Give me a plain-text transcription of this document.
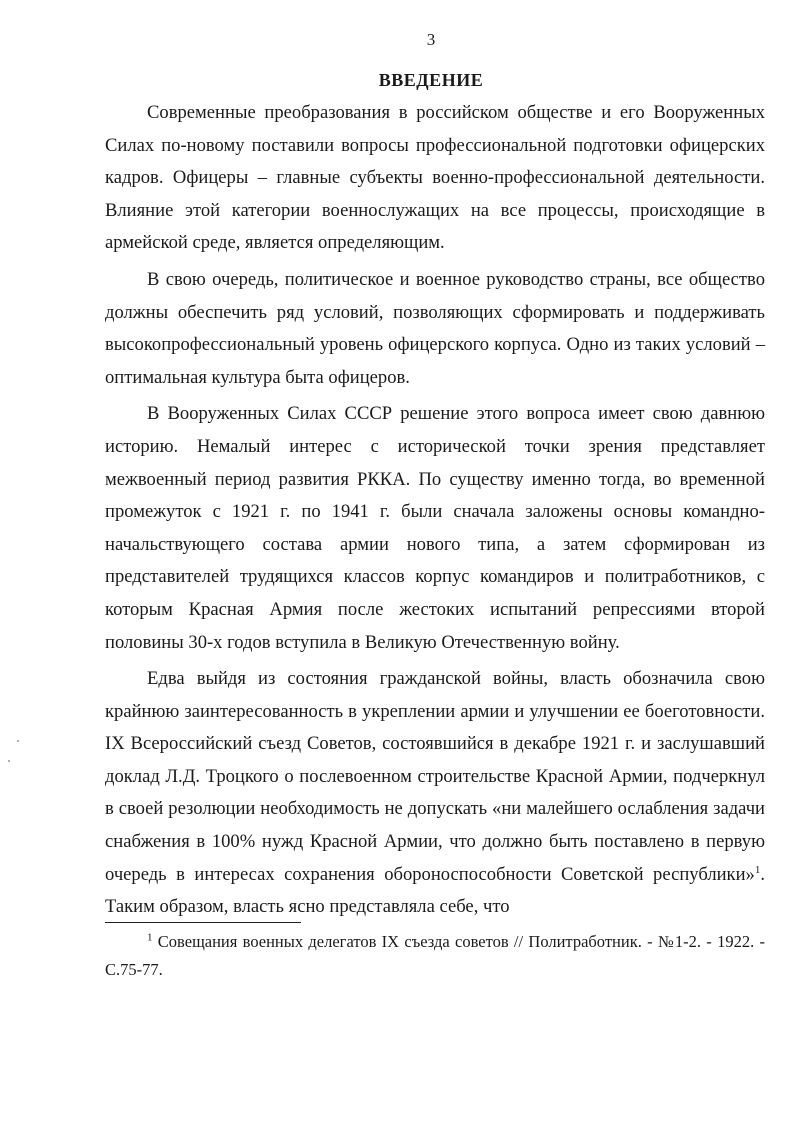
3
ВВЕДЕНИЕ

Современные преобразования в российском обществе и его Вооруженных Силах по-новому поставили вопросы профессиональной подготовки офицерских кадров. Офицеры – главные субъекты военно-профессиональной деятельности. Влияние этой категории военнослужащих на все процессы, происходящие в армейской среде, является определяющим.

В свою очередь, политическое и военное руководство страны, все общество должны обеспечить ряд условий, позволяющих сформировать и поддерживать высокопрофессиональный уровень офицерского корпуса. Одно из таких условий – оптимальная культура быта офицеров.

В Вооруженных Силах СССР решение этого вопроса имеет свою давнюю историю. Немалый интерес с исторической точки зрения представляет межвоенный период развития РККА. По существу именно тогда, во временной промежуток с 1921 г. по 1941 г. были сначала заложены основы командно-начальствующего состава армии нового типа, а затем сформирован из представителей трудящихся классов корпус командиров и политработников, с которым Красная Армия после жестоких испытаний репрессиями второй половины 30-х годов вступила в Великую Отечественную войну.

Едва выйдя из состояния гражданской войны, власть обозначила свою крайнюю заинтересованность в укреплении армии и улучшении ее боеготовности. IX Всероссийский съезд Советов, состоявшийся в декабре 1921 г. и заслушавший доклад Л.Д. Троцкого о послевоенном строительстве Красной Армии, подчеркнул в своей резолюции необходимость не допускать «ни малейшего ослабления задачи снабжения в 100% нужд Красной Армии, что должно быть поставлено в первую очередь в интересах сохранения обороноспособности Советской республики»$^1$. Таким образом, власть ясно представляла себе, что

$^1$ Совещания военных делегатов IX съезда советов // Политработник. - №1-2. - 1922. - С.75-77.
